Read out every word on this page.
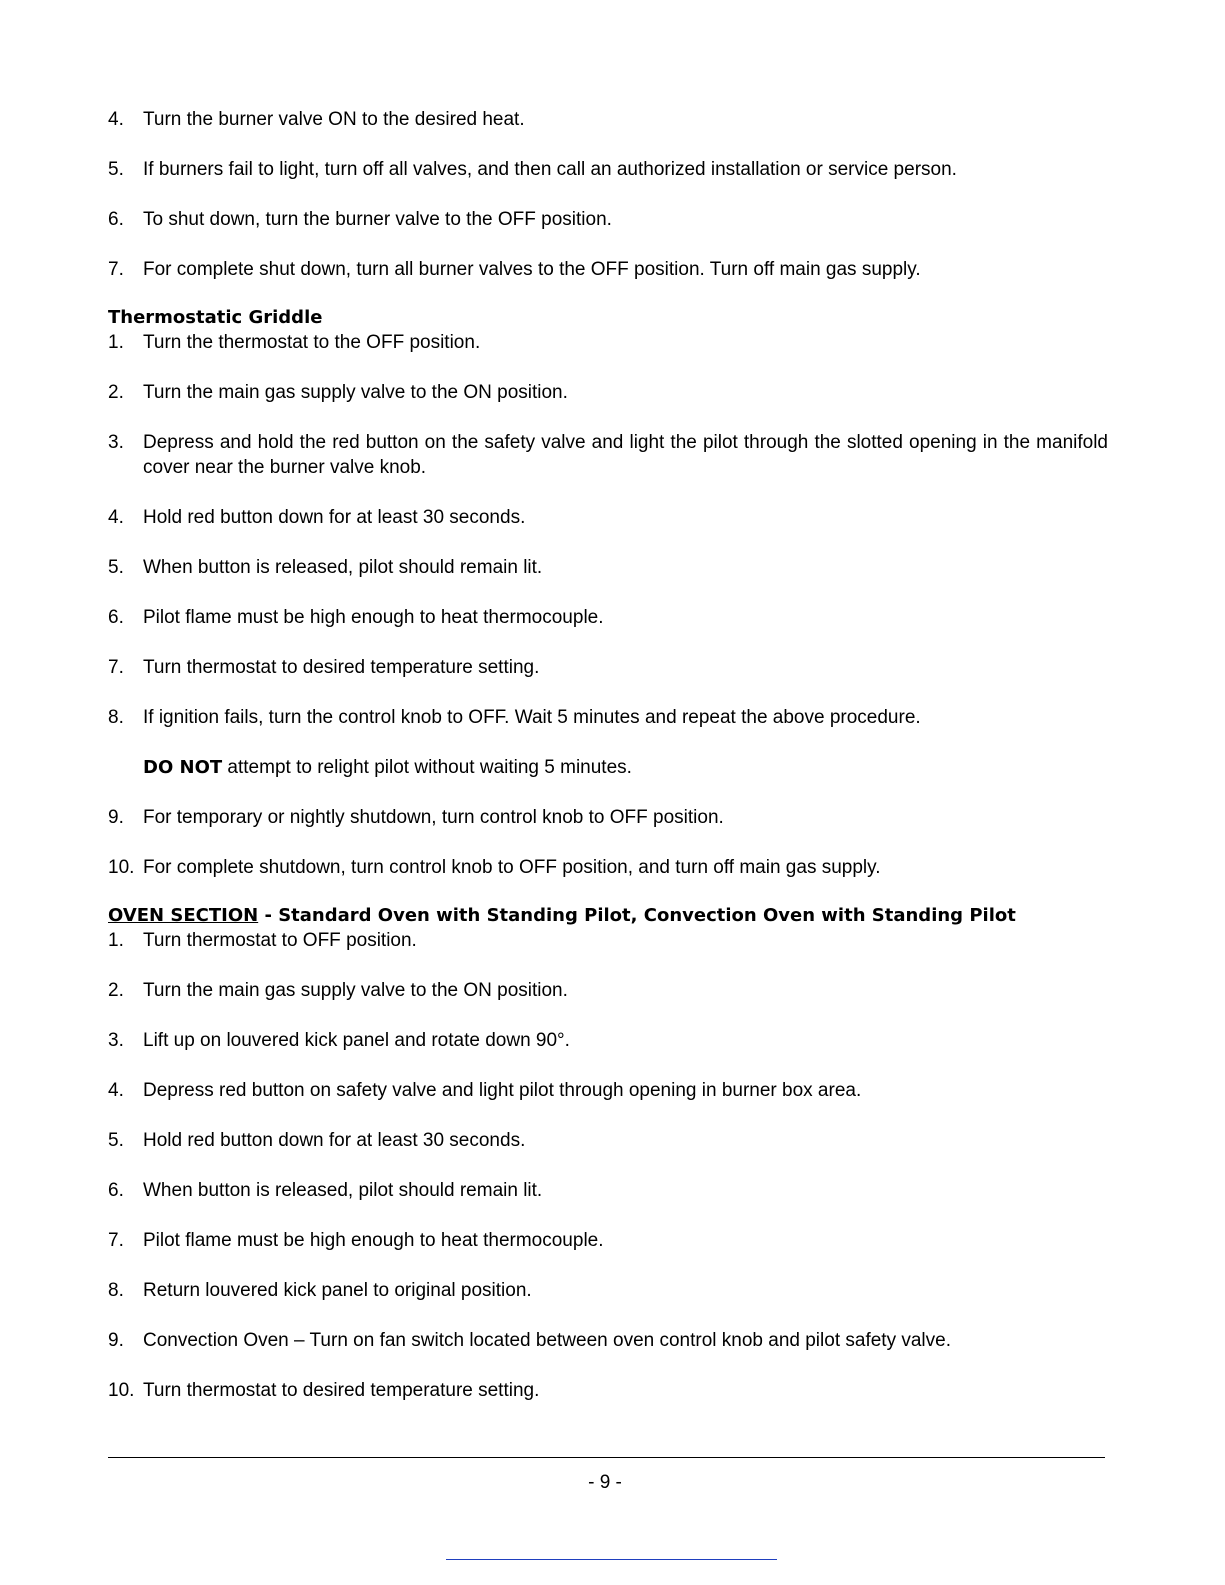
4. Turn the burner valve ON to the desired heat.
5. If burners fail to light, turn off all valves, and then call an authorized installation or service person.
6. To shut down, turn the burner valve to the OFF position.
7. For complete shut down, turn all burner valves to the OFF position. Turn off main gas supply.
Thermostatic Griddle
1. Turn the thermostat to the OFF position.
2. Turn the main gas supply valve to the ON position.
3. Depress and hold the red button on the safety valve and light the pilot through the slotted opening in the manifold cover near the burner valve knob.
4. Hold red button down for at least 30 seconds.
5. When button is released, pilot should remain lit.
6. Pilot flame must be high enough to heat thermocouple.
7. Turn thermostat to desired temperature setting.
8. If ignition fails, turn the control knob to OFF. Wait 5 minutes and repeat the above procedure.
DO NOT attempt to relight pilot without waiting 5 minutes.
9. For temporary or nightly shutdown, turn control knob to OFF position.
10. For complete shutdown, turn control knob to OFF position, and turn off main gas supply.
OVEN SECTION - Standard Oven with Standing Pilot, Convection Oven with Standing Pilot
1. Turn thermostat to OFF position.
2. Turn the main gas supply valve to the ON position.
3. Lift up on louvered kick panel and rotate down 90°.
4. Depress red button on safety valve and light pilot through opening in burner box area.
5. Hold red button down for at least 30 seconds.
6. When button is released, pilot should remain lit.
7. Pilot flame must be high enough to heat thermocouple.
8. Return louvered kick panel to original position.
9. Convection Oven – Turn on fan switch located between oven control knob and pilot safety valve.
10. Turn thermostat to desired temperature setting.
- 9 -
